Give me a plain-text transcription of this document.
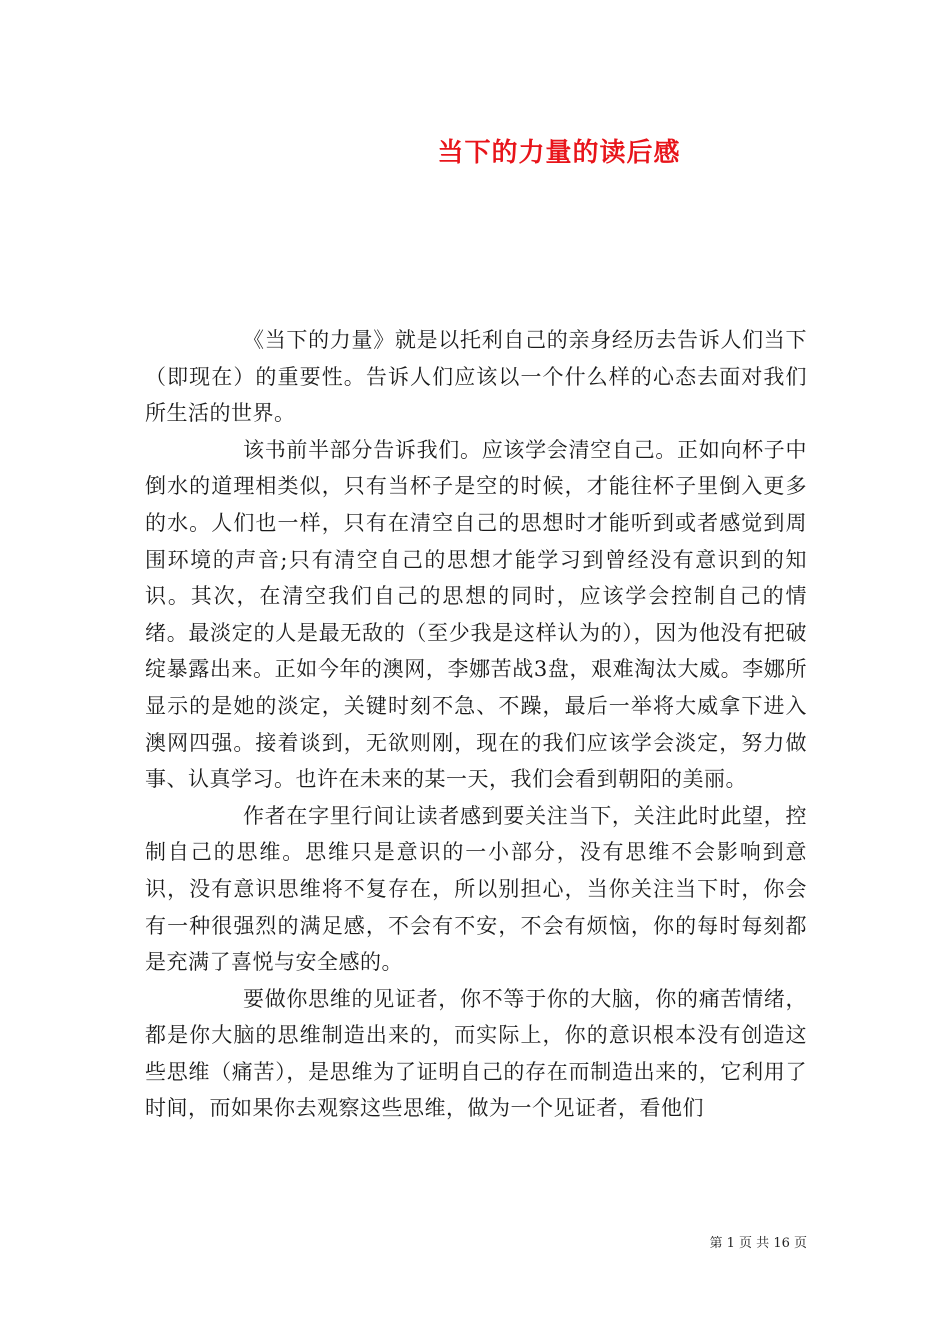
当下的力量的读后感

《当下的力量》就是以托利自己的亲身经历去告诉人们当下（即现在）的重要性。告诉人们应该以一个什么样的心态去面对我们所生活的世界。

该书前半部分告诉我们。应该学会清空自己。正如向杯子中倒水的道理相类似，只有当杯子是空的时候，才能往杯子里倒入更多的水。人们也一样，只有在清空自己的思想时才能听到或者感觉到周围环境的声音;只有清空自己的思想才能学习到曾经没有意识到的知识。其次，在清空我们自己的思想的同时，应该学会控制自己的情绪。最淡定的人是最无敌的（至少我是这样认为的），因为他没有把破绽暴露出来。正如今年的澳网，李娜苦战3盘，艰难淘汰大威。李娜所显示的是她的淡定，关键时刻不急、不躁，最后一举将大威拿下进入澳网四强。接着谈到，无欲则刚，现在的我们应该学会淡定，努力做事、认真学习。也许在未来的某一天，我们会看到朝阳的美丽。

作者在字里行间让读者感到要关注当下，关注此时此望，控制自己的思维。思维只是意识的一小部分，没有思维不会影响到意识，没有意识思维将不复存在，所以别担心，当你关注当下时，你会有一种很强烈的满足感，不会有不安，不会有烦恼，你的每时每刻都是充满了喜悦与安全感的。

要做你思维的见证者，你不等于你的大脑，你的痛苦情绪，都是你大脑的思维制造出来的，而实际上，你的意识根本没有创造这些思维（痛苦），是思维为了证明自己的存在而制造出来的，它利用了时间，而如果你去观察这些思维，做为一个见证者，看他们

第 1 页 共 16 页
